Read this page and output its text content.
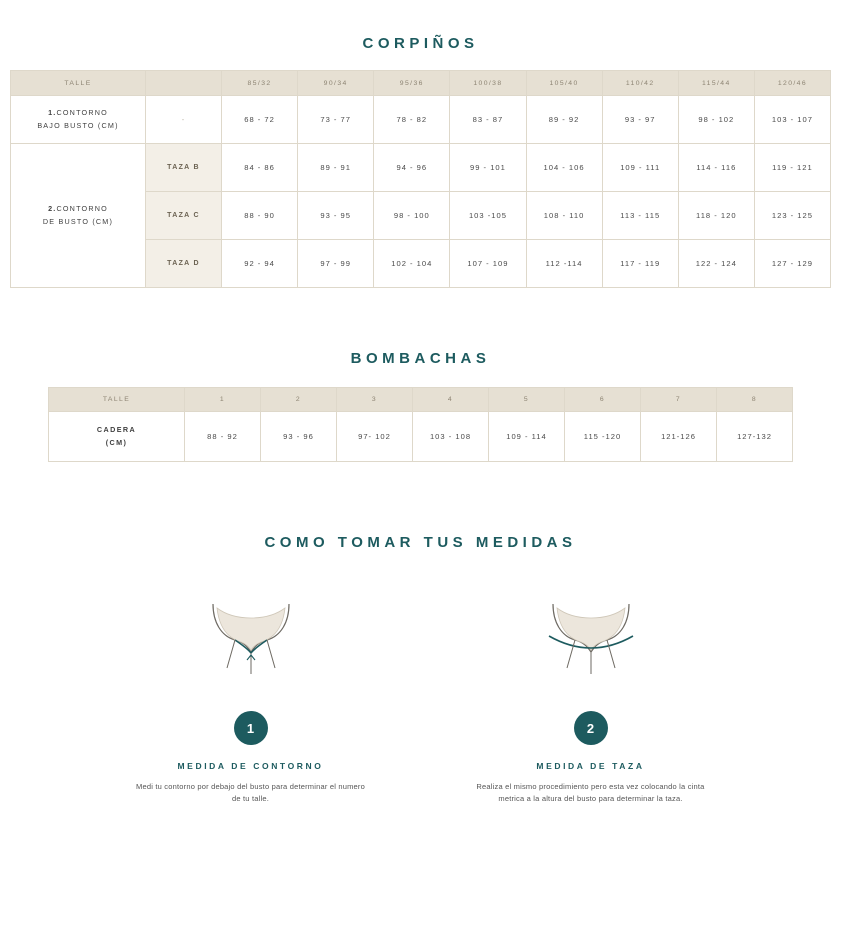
CORPIÑOS
TALLE		85/32	90/34	95/36	100/38	105/40	110/42	115/44	120/46
1.CONTORNO
BAJO BUSTO (CM)	-	68 - 72	73 - 77	78 - 82	83 - 87	89 - 92	93 - 97	98 - 102	103 - 107
2.CONTORNO
DE BUSTO (CM)	TAZA B	84 - 86	89 - 91	94 - 96	99 - 101	104 - 106	109 - 111	114 - 116	119 - 121
	TAZA C	88 - 90	93 - 95	98 - 100	103 -105	108 - 110	113 - 115	118 - 120	123 - 125
	TAZA D	92 - 94	97 - 99	102 - 104	107 - 109	112 -114	117 - 119	122 - 124	127 - 129
BOMBACHAS
TALLE	1	2	3	4	5	6	7	8
CADERA
(CM)	88 - 92	93 - 96	97- 102	103 - 108	109 - 114	115 -120	121-126	127-132
COMO TOMAR TUS MEDIDAS
1
MEDIDA DE CONTORNO
Medi tu contorno por debajo del busto para determinar el numero de tu talle.
2
MEDIDA DE TAZA
Realiza el mismo procedimiento pero esta vez colocando la cinta metrica a la altura del busto para determinar la taza.
